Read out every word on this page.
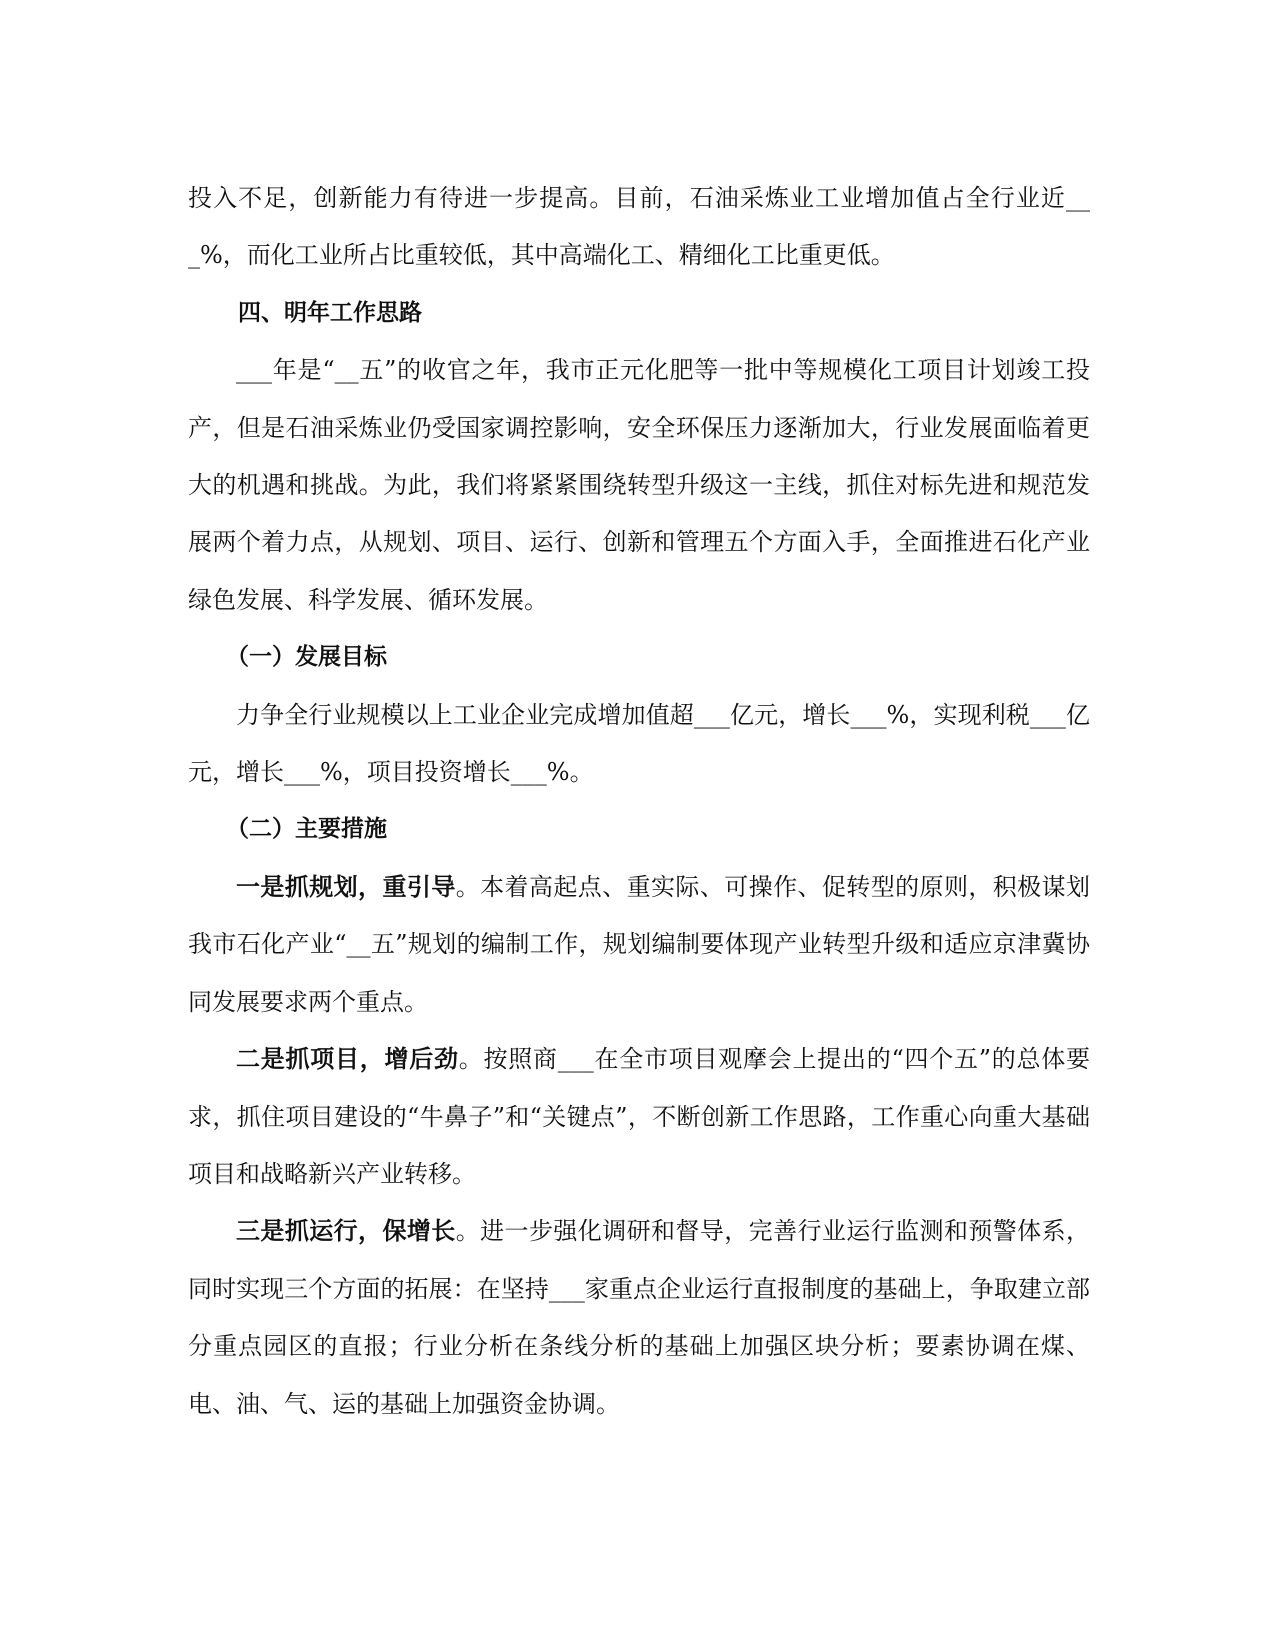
投入不足，创新能力有待进一步提高。目前，石油采炼业工业增加值占全行业近___%，而化工业所占比重较低，其中高端化工、精细化工比重更低。

四、明年工作思路

___年是“__五”的收官之年，我市正元化肥等一批中等规模化工项目计划竣工投产，但是石油采炼业仍受国家调控影响，安全环保压力逐渐加大，行业发展面临着更大的机遇和挑战。为此，我们将紧紧围绕转型升级这一主线，抓住对标先进和规范发展两个着力点，从规划、项目、运行、创新和管理五个方面入手，全面推进石化产业绿色发展、科学发展、循环发展。

（一）发展目标

力争全行业规模以上工业企业完成增加值超___亿元，增长___%，实现利税___亿元，增长___%，项目投资增长___%。

（二）主要措施

一是抓规划，重引导。本着高起点、重实际、可操作、促转型的原则，积极谋划我市石化产业“__五”规划的编制工作，规划编制要体现产业转型升级和适应京津冀协同发展要求两个重点。

二是抓项目，增后劲。按照商___在全市项目观摩会上提出的“四个五”的总体要求，抓住项目建设的“牛鼻子”和“关键点”，不断创新工作思路，工作重心向重大基础项目和战略新兴产业转移。

三是抓运行，保增长。进一步强化调研和督导，完善行业运行监测和预警体系，同时实现三个方面的拓展：在坚持___家重点企业运行直报制度的基础上，争取建立部分重点园区的直报；行业分析在条线分析的基础上加强区块分析；要素协调在煤、电、油、气、运的基础上加强资金协调。
